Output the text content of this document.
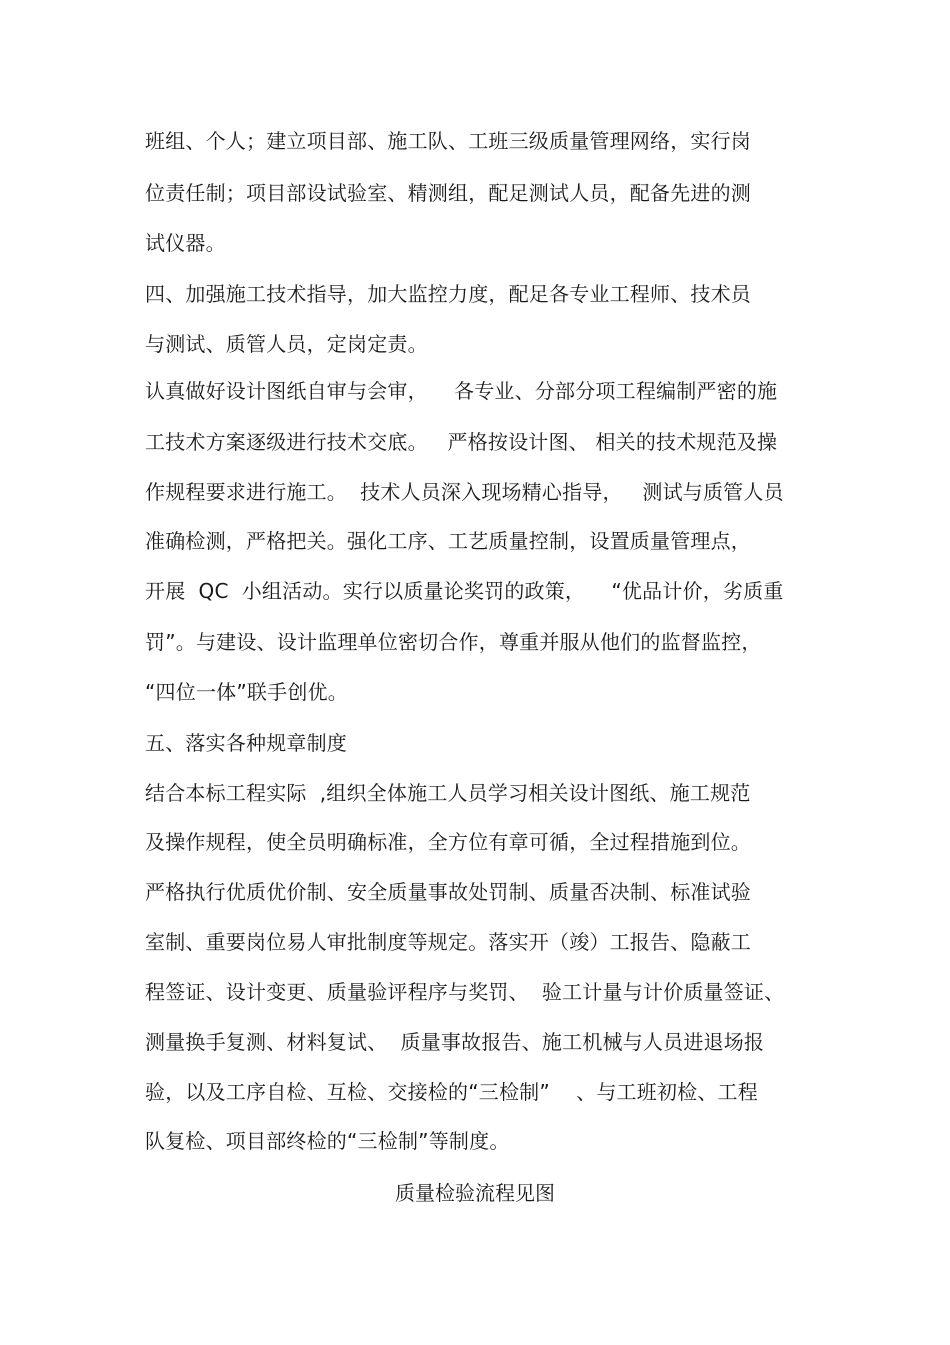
班组、个人；建立项目部、施工队、工班三级质量管理网络，实行岗
位责任制；项目部设试验室、精测组，配足测试人员，配备先进的测
试仪器。
四、加强施工技术指导，加大监控力度，配足各专业工程师、技术员
与测试、质管人员，定岗定责。
认真做好设计图纸自审与会审，    各专业、分部分项工程编制严密的施
工技术方案逐级进行技术交底。   严格按设计图、 相关的技术规范及操
作规程要求进行施工。  技术人员深入现场精心指导，   测试与质管人员
准确检测，严格把关。强化工序、工艺质量控制，设置质量管理点，
开展  QC  小组活动。实行以质量论奖罚的政策，    “优品计价，劣质重
罚”。与建设、设计监理单位密切合作，尊重并服从他们的监督监控，
“四位一体”联手创优。
五、落实各种规章制度
结合本标工程实际  ,组织全体施工人员学习相关设计图纸、施工规范
及操作规程，使全员明确标准，全方位有章可循，全过程措施到位。
严格执行优质优价制、安全质量事故处罚制、质量否决制、标准试验
室制、重要岗位易人审批制度等规定。落实开（竣）工报告、隐蔽工
程签证、设计变更、质量验评程序与奖罚、  验工计量与计价质量签证、
测量换手复测、材料复试、  质量事故报告、施工机械与人员进退场报
验，以及工序自检、互检、交接检的“三检制”    、与工班初检、工程
队复检、项目部终检的“三检制”等制度。
质量检验流程见图
